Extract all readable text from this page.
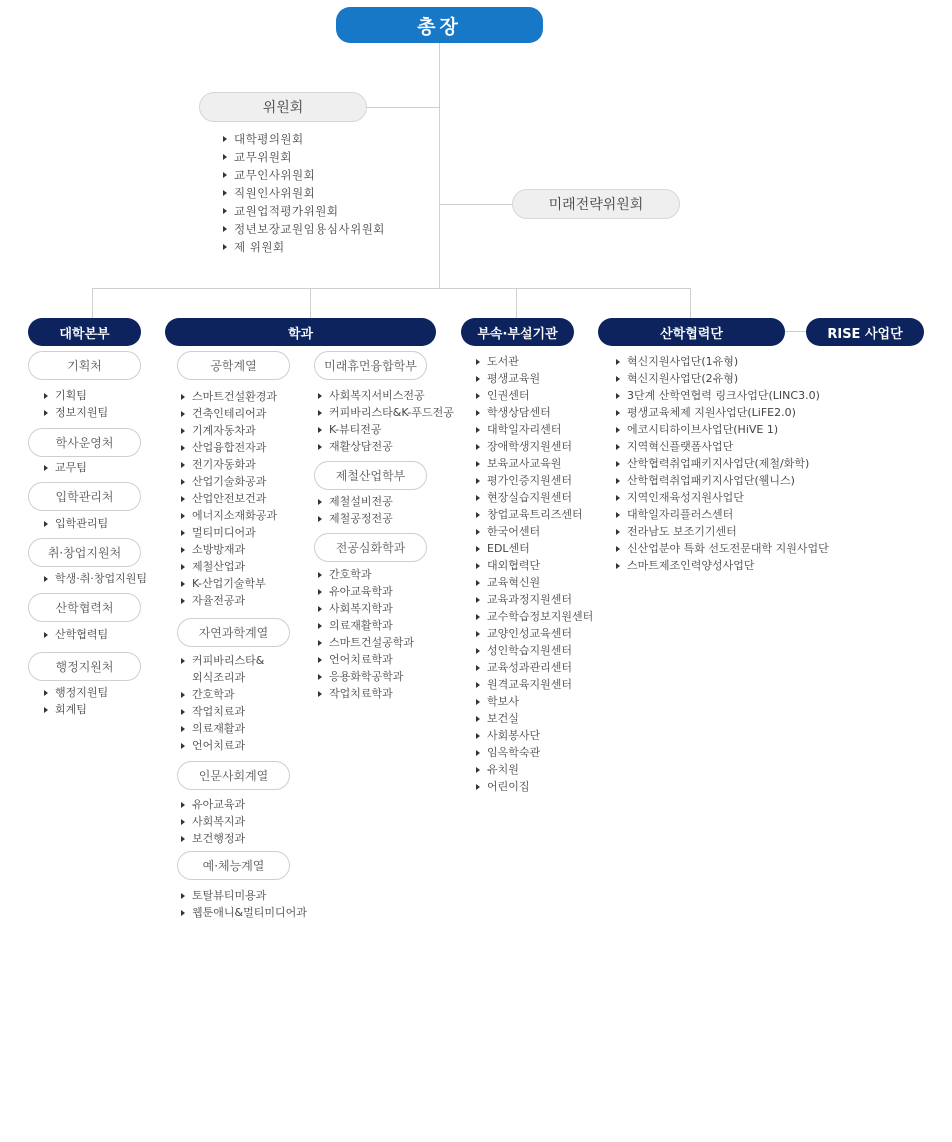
총장
위원회
대학평의원회
교무위원회
교무인사위원회
직원인사위원회
교원업적평가위원회
정년보장교원임용심사위원회
제 위원회
미래전략위원회
대학본부
기획처
기획팀
정보지원팀
학사운영처
교무팀
입학관리처
입학관리팀
취·창업지원처
학생·취·창업지원팀
산학협력처
산학협력팀
행정지원처
행정지원팀
회계팀
학과
공학계열
스마트건설환경과
건축인테리어과
기계자동차과
산업융합전자과
전기자동화과
산업기술화공과
산업안전보건과
에너지소재화공과
멀티미디어과
소방방재과
제철산업과
K-산업기술학부
자율전공과
자연과학계열
커피바리스타&
외식조리과
간호학과
작업치료과
의료재활과
언어치료과
인문사회계열
유아교육과
사회복지과
보건행정과
예·체능계열
토탈뷰티미용과
웹툰애니&멀티미디어과
미래휴먼융합학부
사회복지서비스전공
커피바리스타&K-푸드전공
K-뷰티전공
재활상담전공
제철산업학부
제철설비전공
제철공정전공
전공심화학과
간호학과
유아교육학과
사회복지학과
의료재활학과
스마트건설공학과
언어치료학과
응용화학공학과
작업치료학과
부속·부설기관
도서관
평생교육원
인권센터
학생상담센터
대학일자리센터
장애학생지원센터
보육교사교육원
평가인증지원센터
현장실습지원센터
창업교육트리즈센터
한국어센터
EDL센터
대외협력단
교육혁신원
교육과정지원센터
교수학습정보지원센터
교양인성교육센터
성인학습지원센터
교육성과관리센터
원격교육지원센터
학보사
보건실
사회봉사단
임옥학숙관
유치원
어린이집
산학협력단
혁신지원사업단(1유형)
혁신지원사업단(2유형)
3단계 산학연협력 링크사업단(LINC3.0)
평생교육체제 지원사업단(LiFE2.0)
에코시티하이브사업단(HiVE 1)
지역혁신플랫폼사업단
산학협력취업패키지사업단(제철/화학)
산학협력취업패키지사업단(웰니스)
지역인재육성지원사업단
대학일자리플러스센터
전라남도 보조기기센터
신산업분야 특화 선도전문대학 지원사업단
스마트제조인력양성사업단
RISE 사업단
